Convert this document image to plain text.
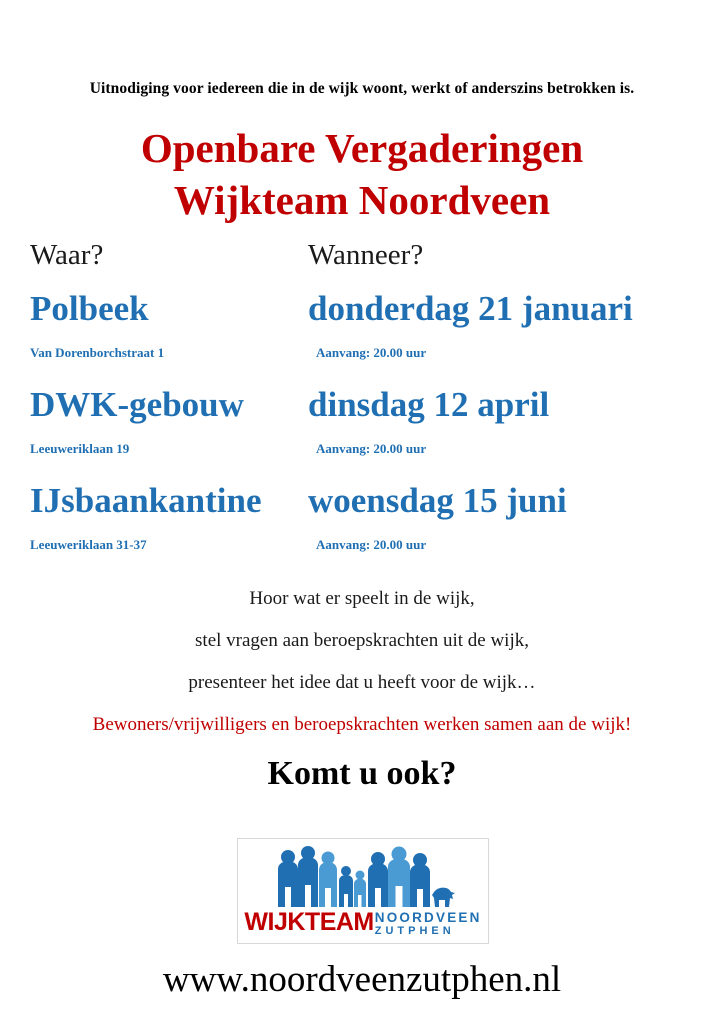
Uitnodiging voor iedereen die in de wijk woont, werkt of anderszins betrokken is.
Openbare Vergaderingen
Wijkteam Noordveen
Waar?	Wanneer?
Polbeek
Van Dorenborchstraat 1
donderdag 21 januari
Aanvang: 20.00 uur
DWK-gebouw
Leeuweriklaan 19
dinsdag 12 april
Aanvang: 20.00 uur
IJsbaankantine
Leeuweriklaan 31-37
woensdag 15 juni
Aanvang: 20.00 uur
Hoor wat er speelt in de wijk,
stel vragen aan beroepskrachten uit de wijk,
presenteer het idee dat u heeft voor de wijk…
Bewoners/vrijwilligers en beroepskrachten werken samen aan de wijk!
Komt u ook?
WIJKTEAM NOORDVEEN
ZUTPHEN
www.noordveenzutphen.nl
